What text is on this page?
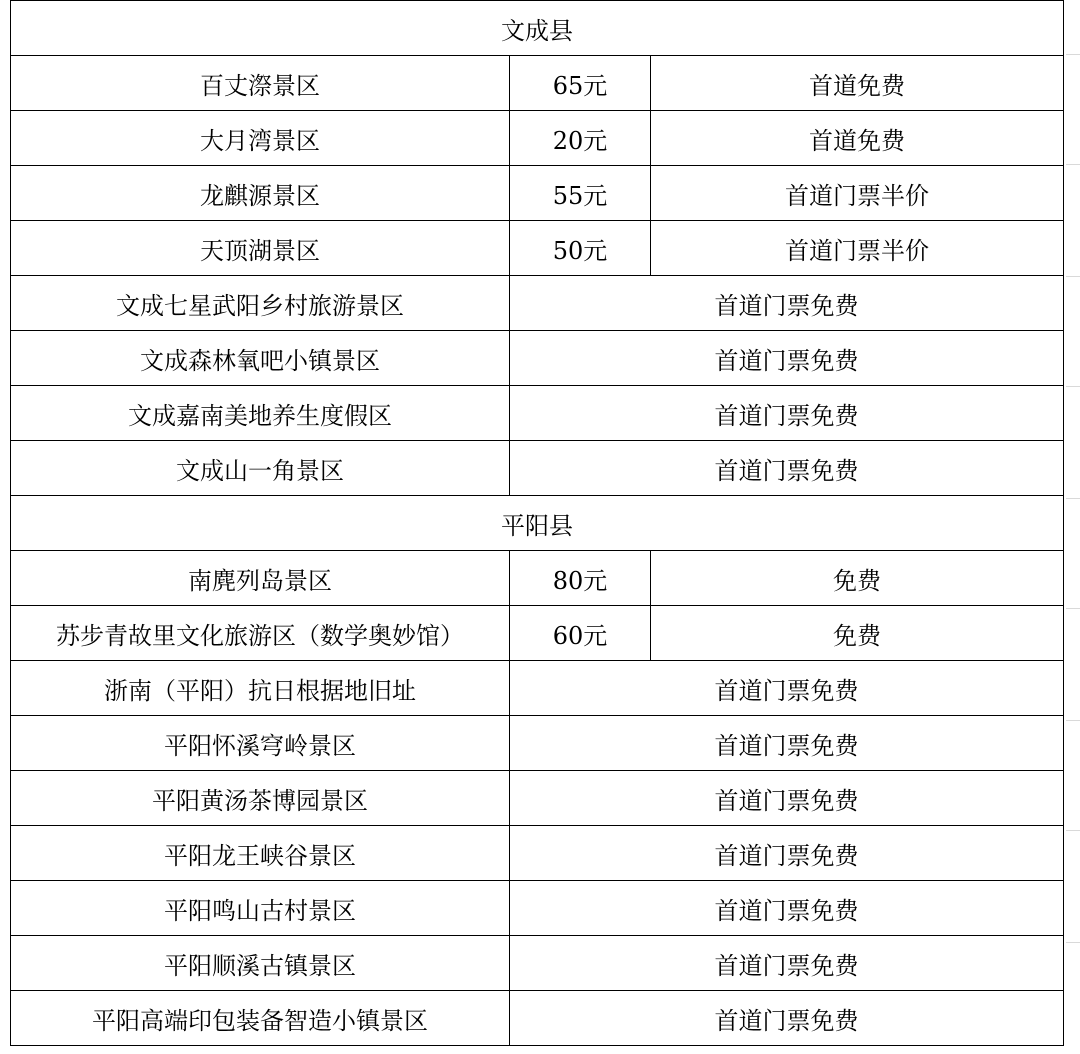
文成县		
百丈漈景区	65元	首道免费
大月湾景区	20元	首道免费
龙麒源景区	55元	首道门票半价
天顶湖景区	50元	首道门票半价
文成七星武阳乡村旅游景区	首道门票免费	
文成森林氧吧小镇景区	首道门票免费	
文成嘉南美地养生度假区	首道门票免费	
文成山一角景区	首道门票免费	
平阳县		
南麂列岛景区	80元	免费
苏步青故里文化旅游区（数学奥妙馆）	60元	免费
浙南（平阳）抗日根据地旧址	首道门票免费	
平阳怀溪穹岭景区	首道门票免费	
平阳黄汤茶博园景区	首道门票免费	
平阳龙王峡谷景区	首道门票免费	
平阳鸣山古村景区	首道门票免费	
平阳顺溪古镇景区	首道门票免费	
平阳高端印包装备智造小镇景区	首道门票免费	
